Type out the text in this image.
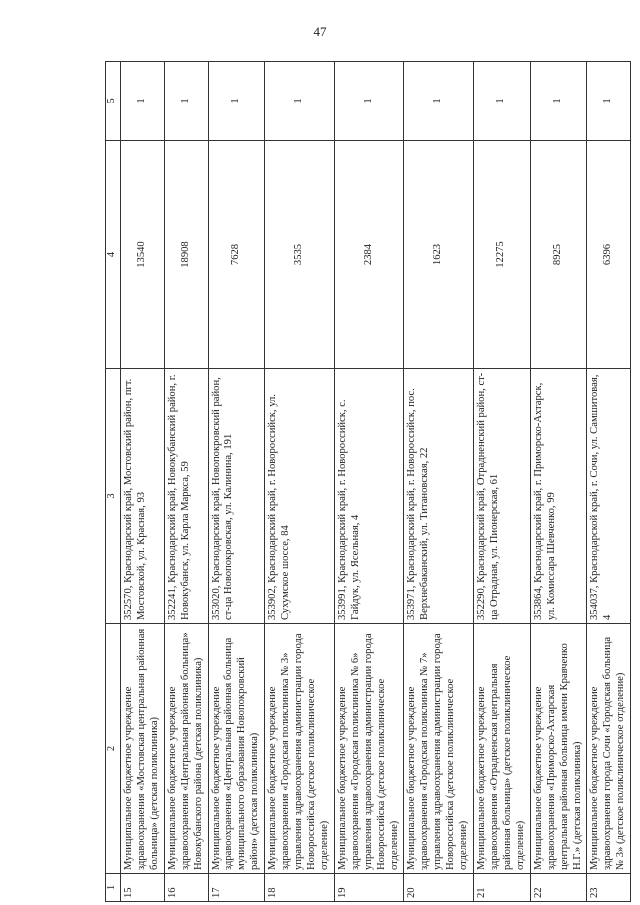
47
1	2	3	4	5
15	Муниципальное бюджетное учреждение здравоохранения «Мостовская центральная районная больница» (детская поликлиника)	352570, Краснодарский край, Мостовский район, пгт. Мостовской, ул. Красная, 93	13540	1
16	Муниципальное бюджетное учреждение здравоохранения «Центральная районная больница» Новокубанского района (детская поликлиника)	352241, Краснодарский край, Новокубанский район, г. Новокубанск, ул. Карла Маркса, 59	18908	1
17	Муниципальное бюджетное учреждение здравоохранения «Центральная районная больница муниципального образования Новопокровский район» (детская поликлиника)	353020, Краснодарский край, Новопокровский район, ст-ца Новопокровская, ул. Калинина, 191	7628	1
18	Муниципальное бюджетное учреждение здравоохранения «Городская поликлиника № 3» управления здравоохранения администрации города Новороссийска (детское поликлиническое отделение)	353902, Краснодарский край, г. Новороссийск, ул. Сухумское шоссе, 84	3535	1
19	Муниципальное бюджетное учреждение здравоохранения «Городская поликлиника № 6» управления здравоохранения администрации города Новороссийска (детское поликлиническое отделение)	353991, Краснодарский край, г. Новороссийск, с. Гайдук, ул. Ясельная, 4	2384	1
20	Муниципальное бюджетное учреждение здравоохранения «Городская поликлиника № 7» управления здравоохранения администрации города Новороссийска (детское поликлиническое отделение)	353971, Краснодарский край, г. Новороссийск, пос. Верхнебаканский, ул. Титановская, 22	1623	1
21	Муниципальное бюджетное учреждение здравоохранения «Отрадненская центральная районная больница» (детское поликлиническое отделение)	352290, Краснодарский край, Отрадненский район, ст-ца Отрадная, ул. Пионерская, 61	12275	1
22	Муниципальное бюджетное учреждение здравоохранения «Приморско-Ахтарская центральная районная больница имени Кравченко Н.Г.» (детская поликлиника)	353864, Краснодарский край, г. Приморско-Ахтарск, ул. Комиссара Шевченко, 99	8925	1
23	Муниципальное бюджетное учреждение здравоохранения города Сочи «Городская больница № 3» (детское поликлиническое отделение)	354037, Краснодарской край, г. Сочи, ул. Самшитовая, 4	6396	1
